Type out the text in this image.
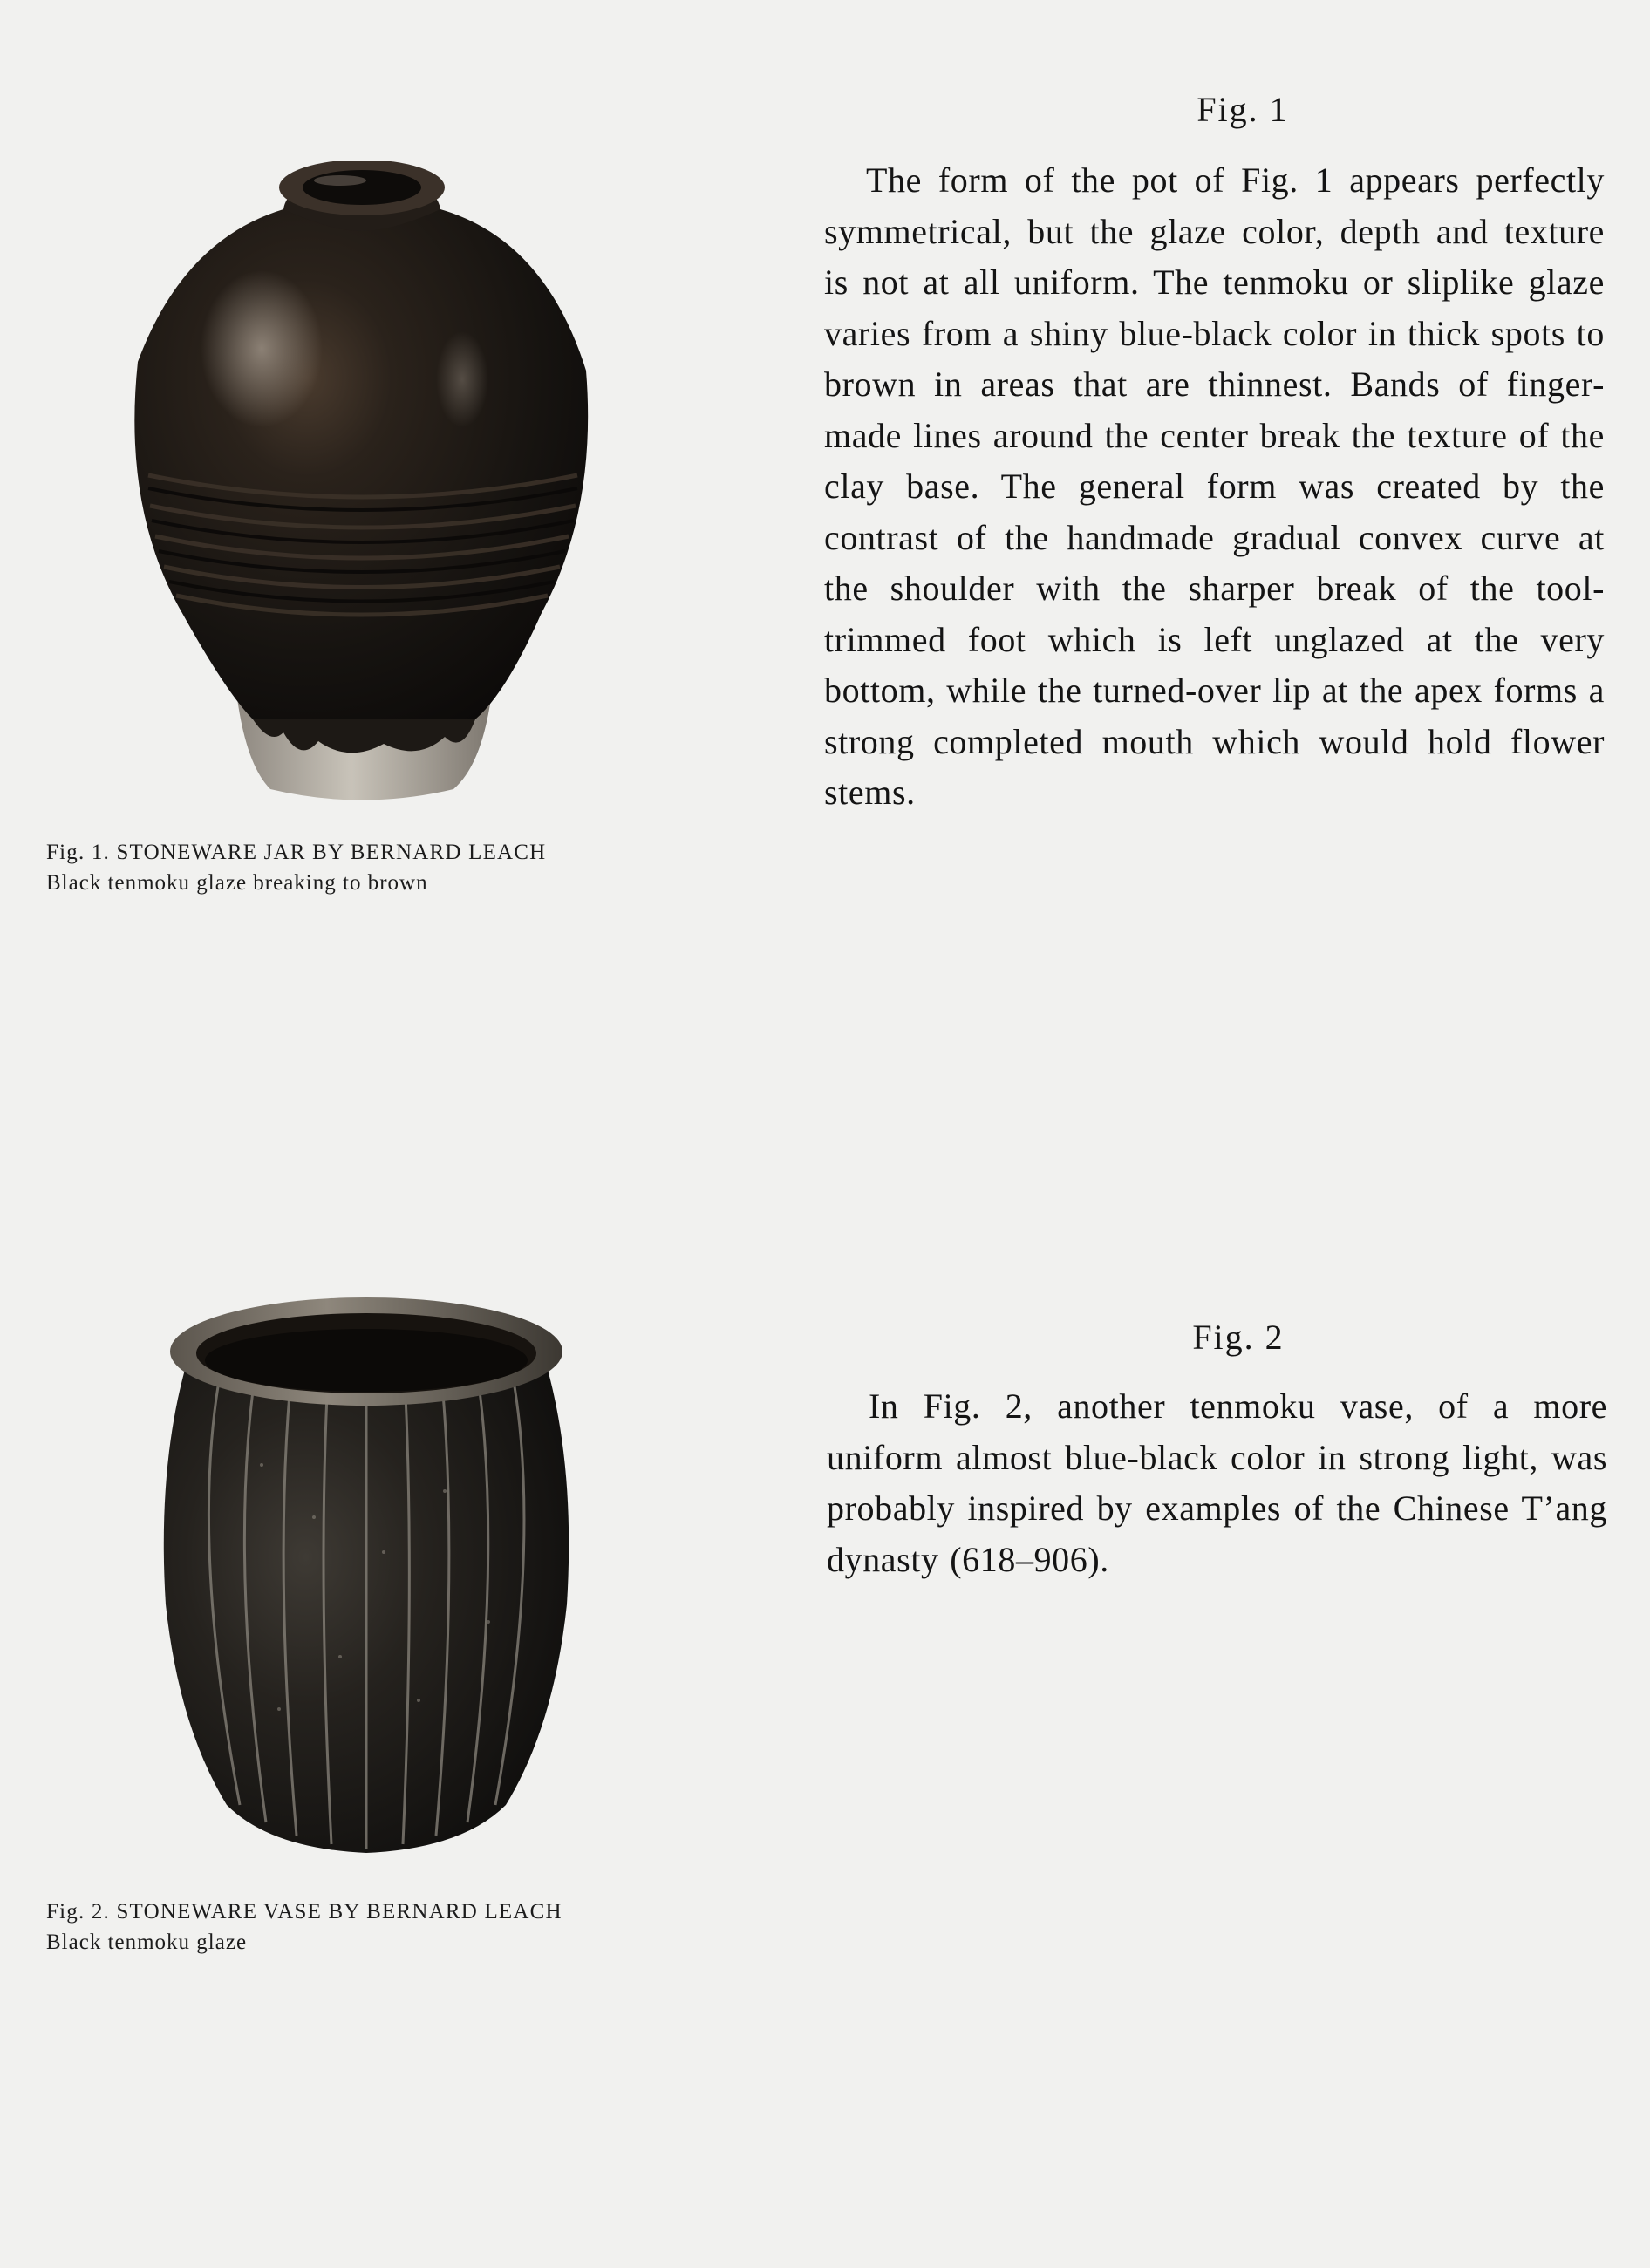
Fig. 1. STONEWARE JAR BY BERNARD LEACH
Black tenmoku glaze breaking to brown
Fig. 1

The form of the pot of Fig. 1 appears perfectly symmetrical, but the glaze color, depth and texture is not at all uniform. The tenmoku or sliplike glaze varies from a shiny blue-black color in thick spots to brown in areas that are thinnest. Bands of finger-made lines around the center break the texture of the clay base. The general form was created by the contrast of the handmade gradual convex curve at the shoulder with the sharper break of the tool-trimmed foot which is left unglazed at the very bottom, while the turned-over lip at the apex forms a strong completed mouth which would hold flower stems.

Fig. 2. STONEWARE VASE BY BERNARD LEACH
Black tenmoku glaze
Fig. 2

In Fig. 2, another tenmoku vase, of a more uniform almost blue-black color in strong light, was probably inspired by examples of the Chinese T’ang dynasty (618–906).
